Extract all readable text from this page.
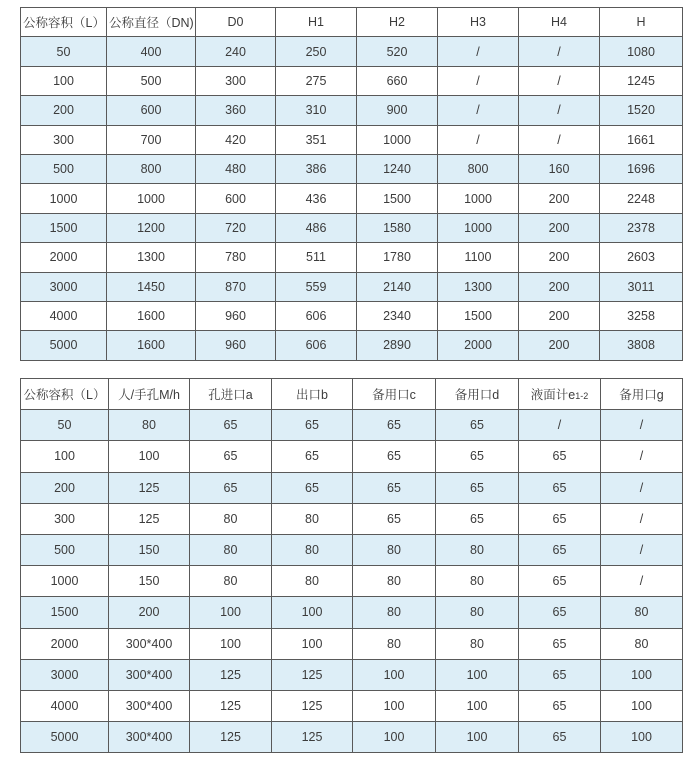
公称容积（L）	公称直径（DN)	D0	H1	H2	H3	H4	H
50	400	240	250	520	/	/	1080
100	500	300	275	660	/	/	1245
200	600	360	310	900	/	/	1520
300	700	420	351	1000	/	/	1661
500	800	480	386	1240	800	160	1696
1000	1000	600	436	1500	1000	200	2248
1500	1200	720	486	1580	1000	200	2378
2000	1300	780	511	1780	1100	200	2603
3000	1450	870	559	2140	1300	200	3011
4000	1600	960	606	2340	1500	200	3258
5000	1600	960	606	2890	2000	200	3808
公称容积（L）	人/手孔M/h	孔进口a	出口b	备用口c	备用口d	液面计e1-2	备用口g
50	80	65	65	65	65	/	/
100	100	65	65	65	65	65	/
200	125	65	65	65	65	65	/
300	125	80	80	65	65	65	/
500	150	80	80	80	80	65	/
1000	150	80	80	80	80	65	/
1500	200	100	100	80	80	65	80
2000	300*400	100	100	80	80	65	80
3000	300*400	125	125	100	100	65	100
4000	300*400	125	125	100	100	65	100
5000	300*400	125	125	100	100	65	100
